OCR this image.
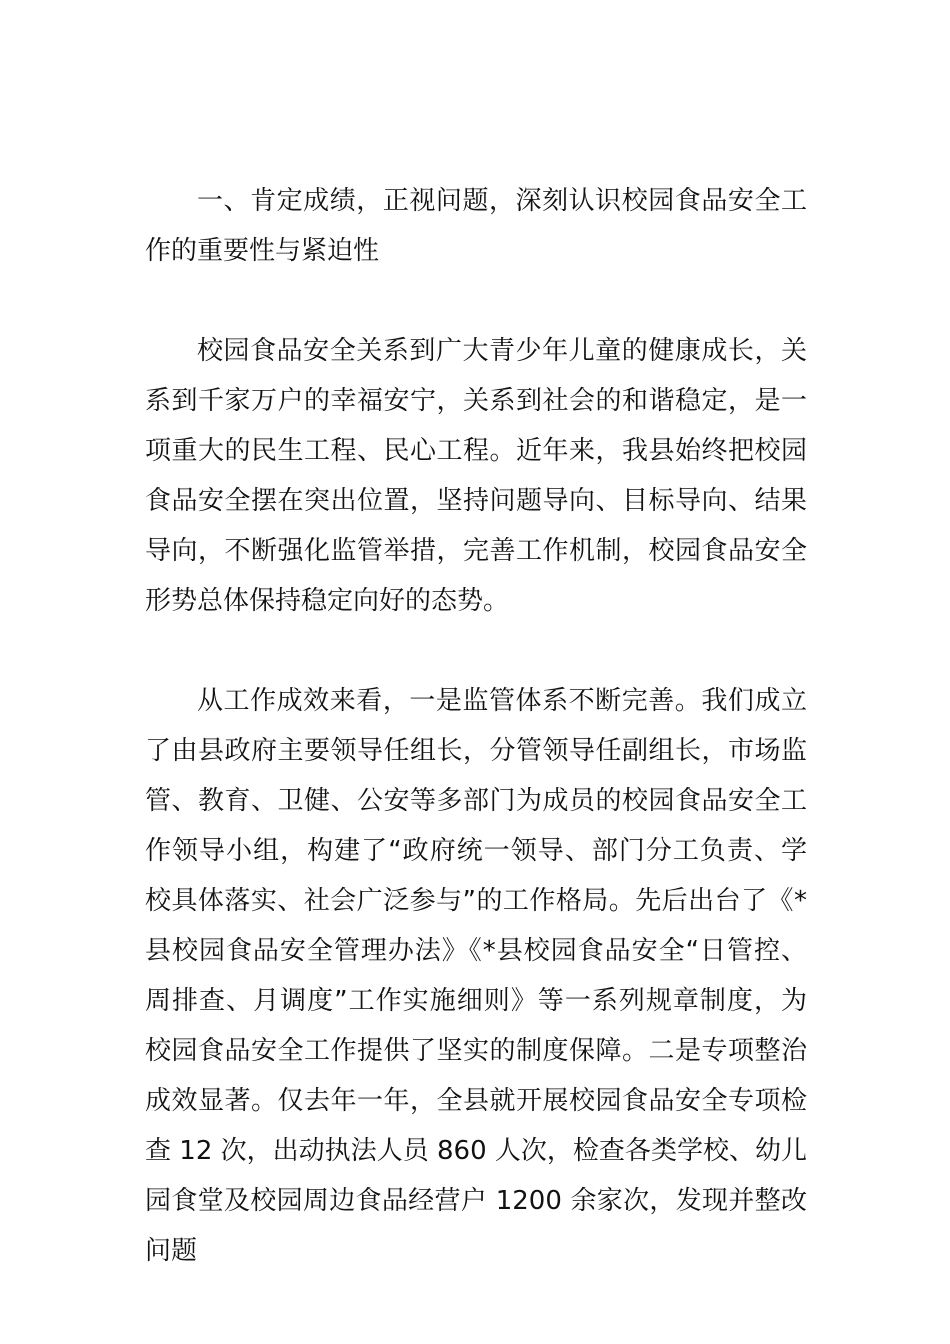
一、肯定成绩，正视问题，深刻认识校园食品安全工作的重要性与紧迫性

校园食品安全关系到广大青少年儿童的健康成长，关系到千家万户的幸福安宁，关系到社会的和谐稳定，是一项重大的民生工程、民心工程。近年来，我县始终把校园食品安全摆在突出位置，坚持问题导向、目标导向、结果导向，不断强化监管举措，完善工作机制，校园食品安全形势总体保持稳定向好的态势。

从工作成效来看，一是监管体系不断完善。我们成立了由县政府主要领导任组长，分管领导任副组长，市场监管、教育、卫健、公安等多部门为成员的校园食品安全工作领导小组，构建了“政府统一领导、部门分工负责、学校具体落实、社会广泛参与”的工作格局。先后出台了《*县校园食品安全管理办法》《*县校园食品安全“日管控、周排查、月调度”工作实施细则》等一系列规章制度，为校园食品安全工作提供了坚实的制度保障。二是专项整治成效显著。仅去年一年，全县就开展校园食品安全专项检查 12 次，出动执法人员 860 人次，检查各类学校、幼儿园食堂及校园周边食品经营户 1200 余家次，发现并整改问题
